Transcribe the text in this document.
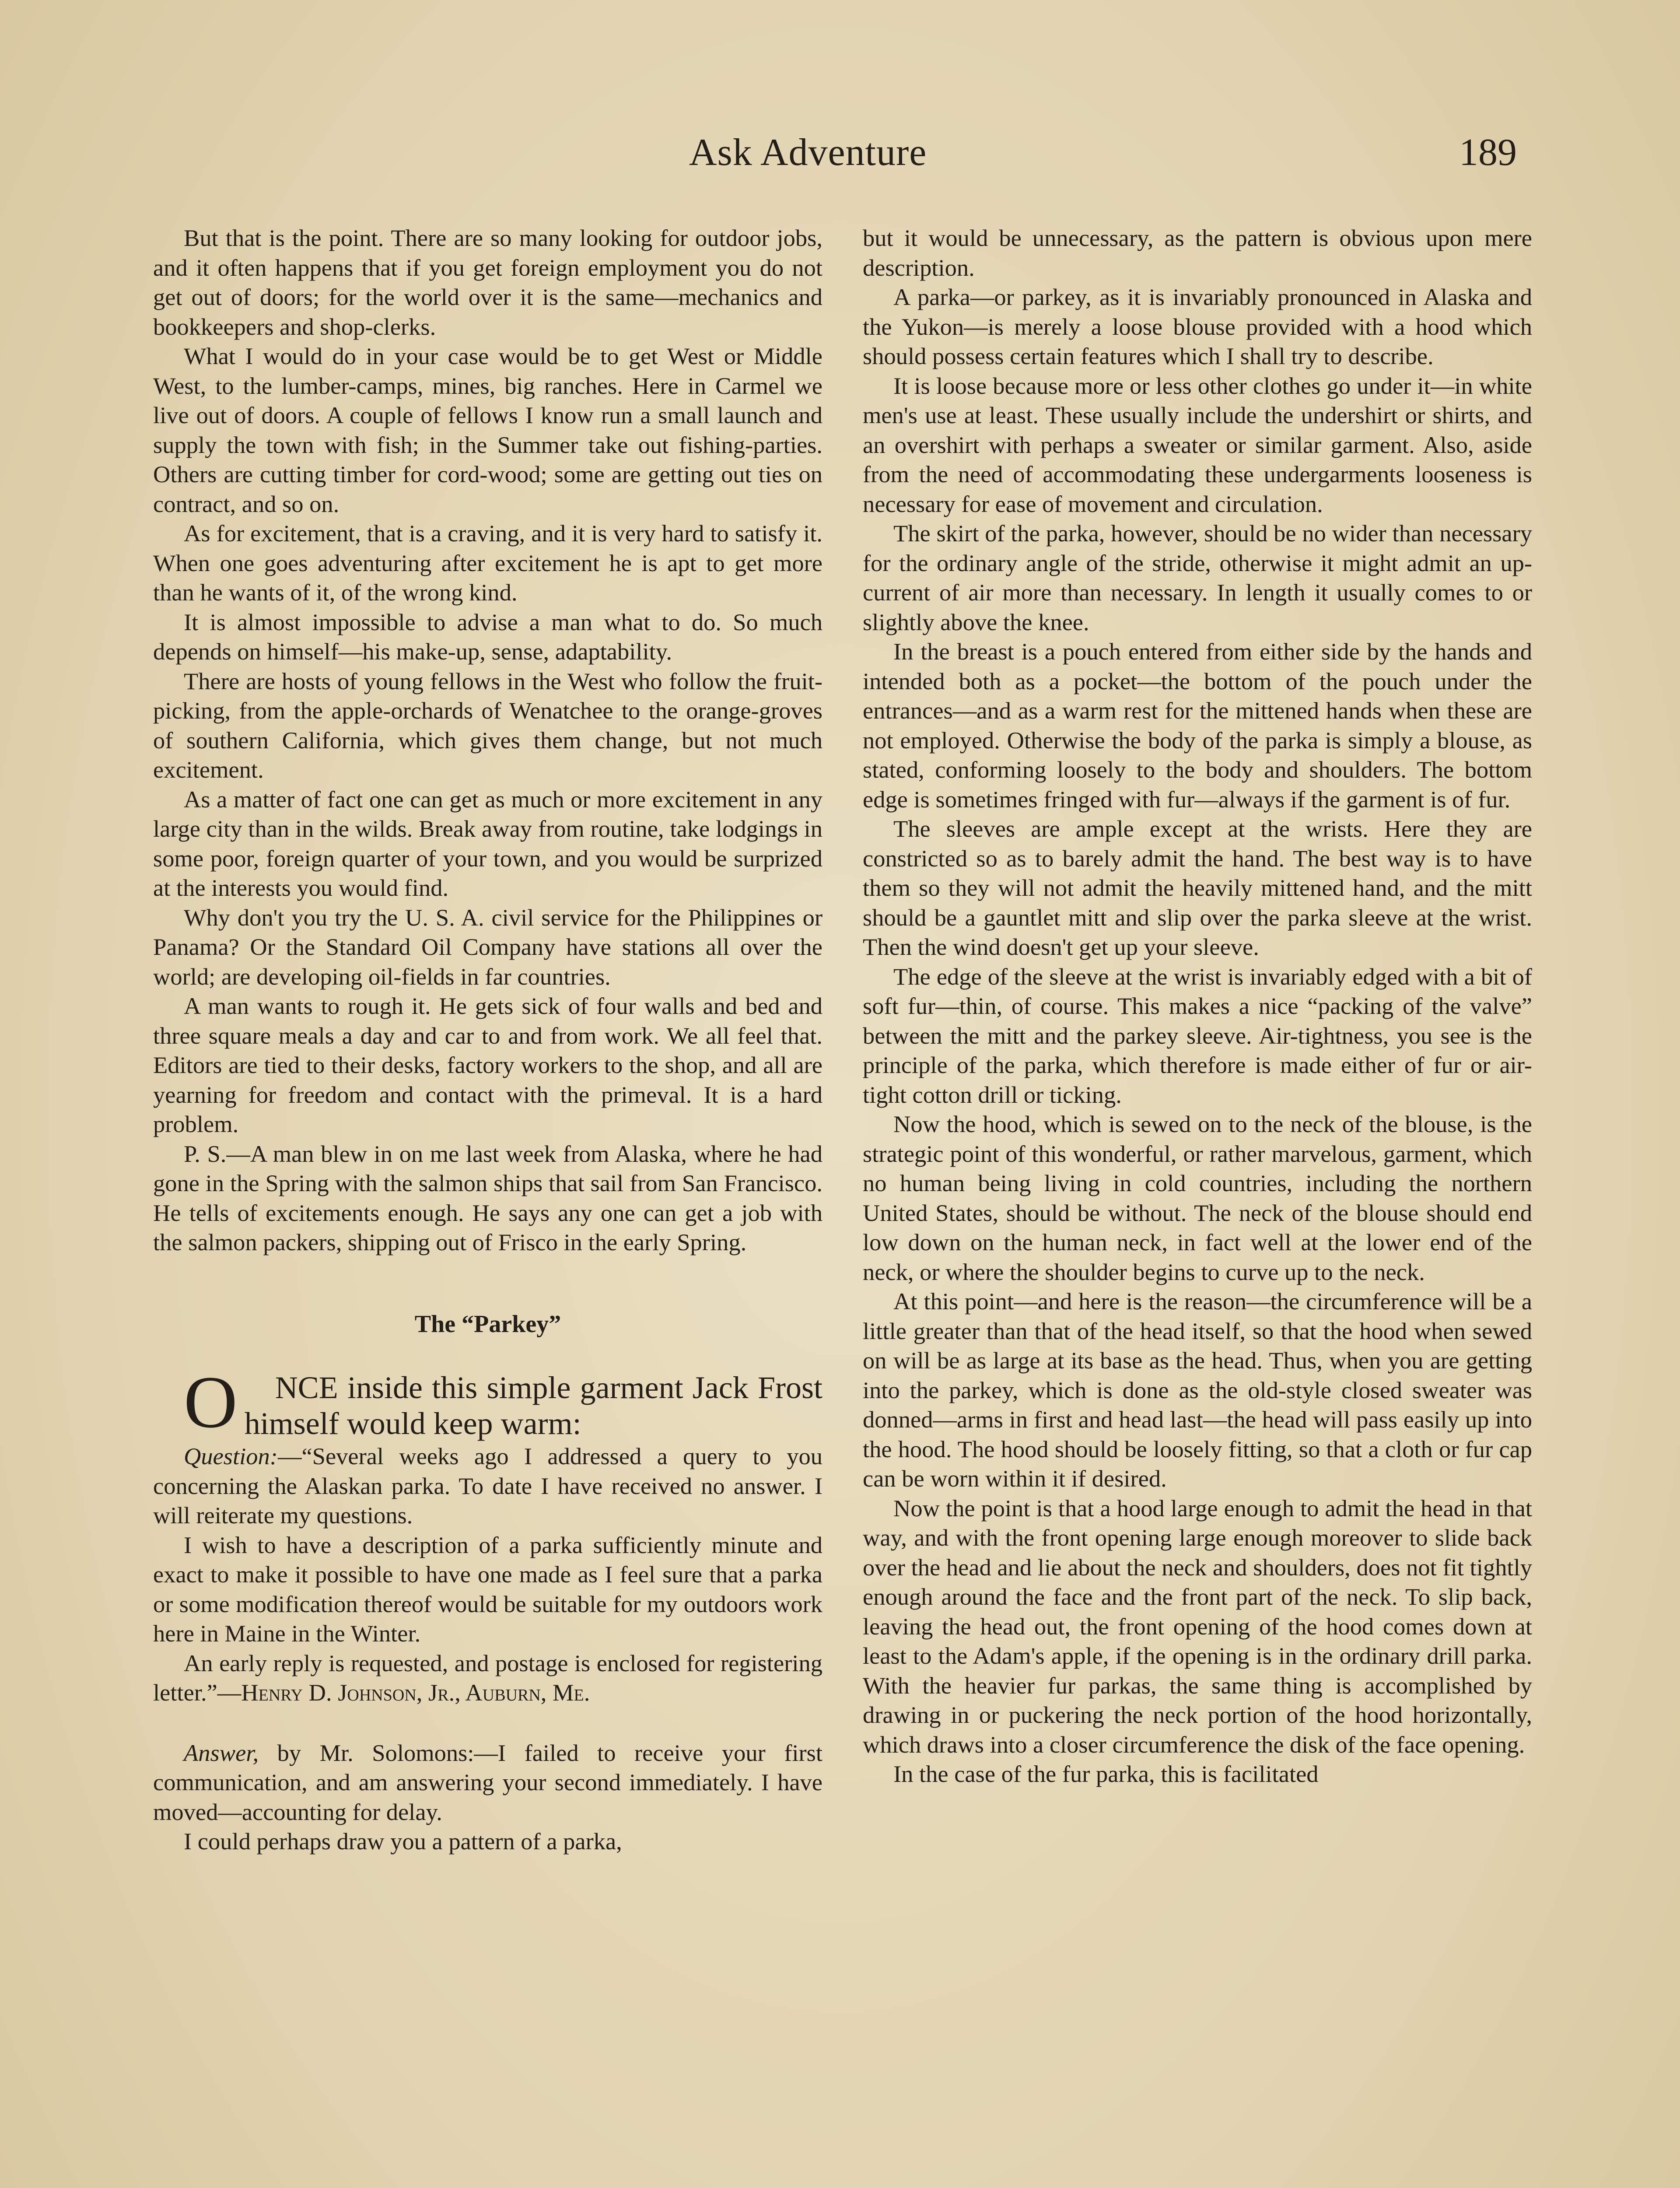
Ask Adventure	189

But that is the point. There are so many looking for outdoor jobs, and it often happens that if you get foreign employment you do not get out of doors; for the world over it is the same—mechanics and bookkeepers and shop-clerks.

What I would do in your case would be to get West or Middle West, to the lumber-camps, mines, big ranches. Here in Carmel we live out of doors. A couple of fellows I know run a small launch and supply the town with fish; in the Summer take out fishing-parties. Others are cutting timber for cord-wood; some are getting out ties on contract, and so on.

As for excitement, that is a craving, and it is very hard to satisfy it. When one goes adventuring after excitement he is apt to get more than he wants of it, of the wrong kind.

It is almost impossible to advise a man what to do. So much depends on himself—his make-up, sense, adaptability.

There are hosts of young fellows in the West who follow the fruit-picking, from the apple-orchards of Wenatchee to the orange-groves of southern California, which gives them change, but not much excitement.

As a matter of fact one can get as much or more excitement in any large city than in the wilds. Break away from routine, take lodgings in some poor, foreign quarter of your town, and you would be surprized at the interests you would find.

Why don't you try the U. S. A. civil service for the Philippines or Panama? Or the Standard Oil Company have stations all over the world; are developing oil-fields in far countries.

A man wants to rough it. He gets sick of four walls and bed and three square meals a day and car to and from work. We all feel that. Editors are tied to their desks, factory workers to the shop, and all are yearning for freedom and contact with the primeval. It is a hard problem.

P. S.—A man blew in on me last week from Alaska, where he had gone in the Spring with the salmon ships that sail from San Francisco. He tells of excitements enough. He says any one can get a job with the salmon packers, shipping out of Frisco in the early Spring.

The “Parkey”

O NCE inside this simple garment Jack Frost himself would keep warm:

Question:—“Several weeks ago I addressed a query to you concerning the Alaskan parka. To date I have received no answer. I will reiterate my questions.

I wish to have a description of a parka sufficiently minute and exact to make it possible to have one made as I feel sure that a parka or some modification thereof would be suitable for my outdoors work here in Maine in the Winter.

An early reply is requested, and postage is enclosed for registering letter.”—Henry D. Johnson, Jr., Auburn, Me.

Answer, by Mr. Solomons:—I failed to receive your first communication, and am answering your second immediately. I have moved—accounting for delay.

I could perhaps draw you a pattern of a parka,

but it would be unnecessary, as the pattern is obvious upon mere description.

A parka—or parkey, as it is invariably pronounced in Alaska and the Yukon—is merely a loose blouse provided with a hood which should possess certain features which I shall try to describe.

It is loose because more or less other clothes go under it—in white men's use at least. These usually include the undershirt or shirts, and an overshirt with perhaps a sweater or similar garment. Also, aside from the need of accommodating these undergarments looseness is necessary for ease of movement and circulation.

The skirt of the parka, however, should be no wider than necessary for the ordinary angle of the stride, otherwise it might admit an up-current of air more than necessary. In length it usually comes to or slightly above the knee.

In the breast is a pouch entered from either side by the hands and intended both as a pocket—the bottom of the pouch under the entrances—and as a warm rest for the mittened hands when these are not employed. Otherwise the body of the parka is simply a blouse, as stated, conforming loosely to the body and shoulders. The bottom edge is sometimes fringed with fur—always if the garment is of fur.

The sleeves are ample except at the wrists. Here they are constricted so as to barely admit the hand. The best way is to have them so they will not admit the heavily mittened hand, and the mitt should be a gauntlet mitt and slip over the parka sleeve at the wrist. Then the wind doesn't get up your sleeve.

The edge of the sleeve at the wrist is invariably edged with a bit of soft fur—thin, of course. This makes a nice “packing of the valve” between the mitt and the parkey sleeve. Air-tightness, you see is the principle of the parka, which therefore is made either of fur or air-tight cotton drill or ticking.

Now the hood, which is sewed on to the neck of the blouse, is the strategic point of this wonderful, or rather marvelous, garment, which no human being living in cold countries, including the northern United States, should be without. The neck of the blouse should end low down on the human neck, in fact well at the lower end of the neck, or where the shoulder begins to curve up to the neck.

At this point—and here is the reason—the circumference will be a little greater than that of the head itself, so that the hood when sewed on will be as large at its base as the head. Thus, when you are getting into the parkey, which is done as the old-style closed sweater was donned—arms in first and head last—the head will pass easily up into the hood. The hood should be loosely fitting, so that a cloth or fur cap can be worn within it if desired.

Now the point is that a hood large enough to admit the head in that way, and with the front opening large enough moreover to slide back over the head and lie about the neck and shoulders, does not fit tightly enough around the face and the front part of the neck. To slip back, leaving the head out, the front opening of the hood comes down at least to the Adam's apple, if the opening is in the ordinary drill parka. With the heavier fur parkas, the same thing is accomplished by drawing in or puckering the neck portion of the hood horizontally, which draws into a closer circumference the disk of the face opening.

In the case of the fur parka, this is facilitated
